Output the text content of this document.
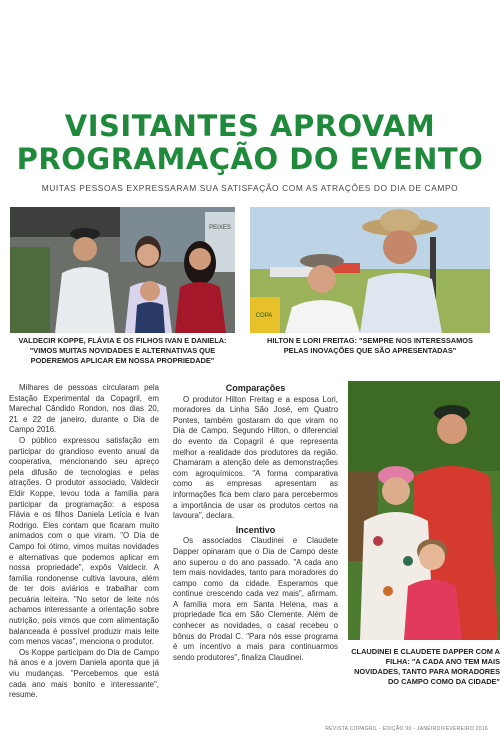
VISITANTES APROVAM
PROGRAMAÇÃO DO EVENTO
MUITAS PESSOAS EXPRESSARAM SUA SATISFAÇÃO COM AS ATRAÇÕES DO DIA DE CAMPO
PEIXES
VALDECIR KOPPE, FLÁVIA E OS FILHOS IVAN E DANIELA: "VIMOS MUITAS NOVIDADES E ALTERNATIVAS QUE PODEREMOS APLICAR EM NOSSA PROPRIEDADE"
COPA
HILTON E LORI FREITAG: "SEMPRE NOS INTERESSAMOS PELAS INOVAÇÕES QUE SÃO APRESENTADAS"
CLAUDINEI E CLAUDETE DAPPER COM A FILHA: "A CADA ANO TEM MAIS NOVIDADES, TANTO PARA MORADORES DO CAMPO COMO DA CIDADE"

Milhares de pessoas circularam pela Estação Experimental da Copagril, em Marechal Cândido Rondon, nos dias 20, 21 e 22 de janeiro, durante o Dia de Campo 2016.

O público expressou satisfação em participar do grandioso evento anual da cooperativa, mencionando seu apreço pela difusão de tecnologias e pelas atrações. O produtor associado, Valdecir Eldir Koppe, levou toda a família para participar da programação: a esposa Flávia e os filhos Daniela Letícia e Ivan Rodrigo. Eles contam que ficaram muito animados com o que viram. "O Dia de Campo foi ótimo, vimos muitas novidades e alternativas que podemos aplicar em nossa propriedade", expôs Valdecir. A família rondonense cultiva lavoura, além de ter dois aviários e trabalhar com pecuária leiteira. "No setor de leite nós achamos interessante a orientação sobre nutrição, pois vimos que com alimentação balanceada é possível produzir mais leite com menos vacas", menciona o produtor.

Os Koppe participam do Dia de Campo há anos e a jovem Daniela aponta que já viu mudanças. "Percebemos que está cada ano mais bonito e interessante", resume.

Comparações

O produtor Hilton Freitag e a esposa Lori, moradores da Linha São José, em Quatro Pontes, também gostaram do que viram no Dia de Campo. Segundo Hilton, o diferencial do evento da Copagril é que representa melhor a realidade dos produtores da região. Chamaram a atenção dele as demonstrações com agroquímicos. "A forma comparativa como as empresas apresentam as informações fica bem claro para percebermos a importância de usar os produtos certos na lavoura", declara.

Incentivo

Os associados Claudinei e Claudete Dapper opinaram que o Dia de Campo deste ano superou o do ano passado. "A cada ano tem mais novidades, tanto para moradores do campo como da cidade. Esperamos que continue crescendo cada vez mais", afirmam. A família mora em Santa Helena, mas a propriedade fica em São Clemente. Além de conhecer as novidades, o casal recebeu o bônus do Prodal C. "Para nós esse programa é um incentivo a mais para continuarmos sendo produtores", finaliza Claudinei.

REVISTA COPAGRIL - EDIÇÃO 90 - JANEIRO/FEVEREIRO 2016
